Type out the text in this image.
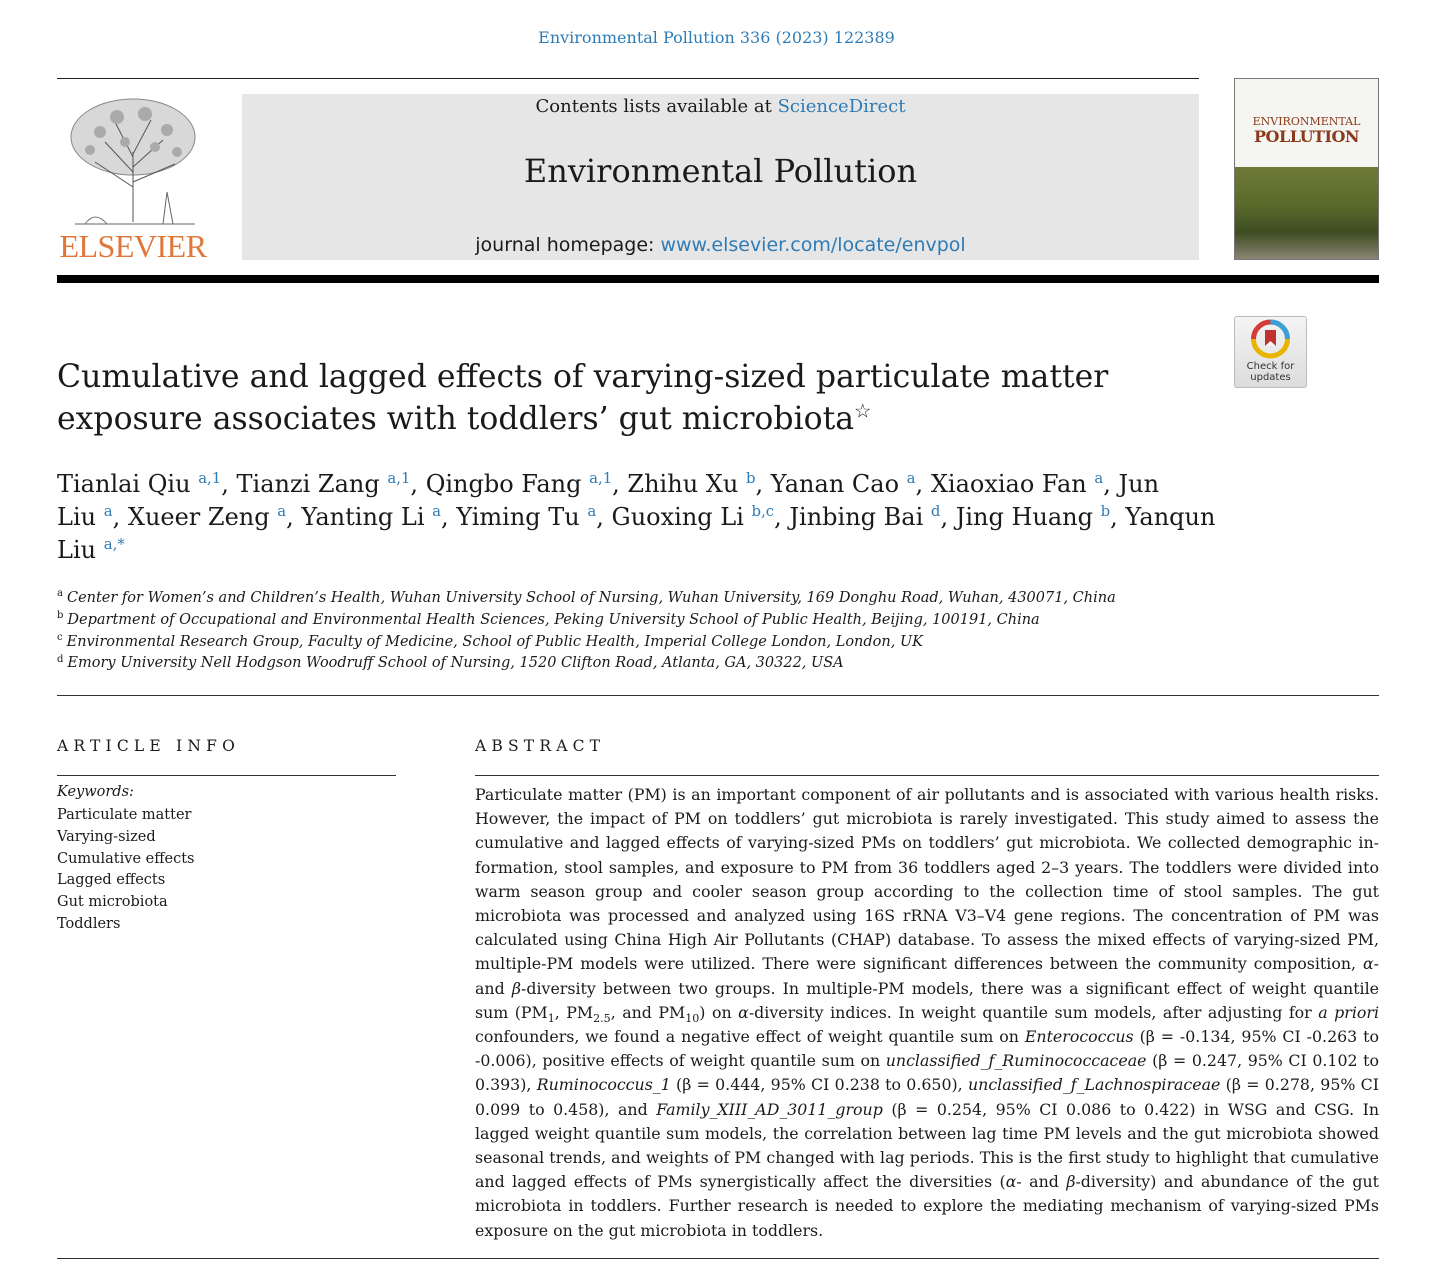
Environmental Pollution 336 (2023) 122389
ELSEVIER
Contents lists available at ScienceDirect
Environmental Pollution
journal homepage: www.elsevier.com/locate/envpol
ENVIRONMENTAL
POLLUTION
Check for
updates
Cumulative and lagged effects of varying-sized particulate matter exposure associates with toddlers’ gut microbiota☆
Tianlai Qiu $^{a,1}$, Tianzi Zang $^{a,1}$, Qingbo Fang $^{a,1}$, Zhihu Xu $^b$, Yanan Cao $^a$, Xiaoxiao Fan $^a$, Jun Liu $^a$, Xueer Zeng $^a$, Yanting Li $^a$, Yiming Tu $^a$, Guoxing Li $^{b,c}$, Jinbing Bai $^d$, Jing Huang $^b$, Yanqun Liu $^{a,*}$
$^a$ Center for Women’s and Children’s Health, Wuhan University School of Nursing, Wuhan University, 169 Donghu Road, Wuhan, 430071, China
$^b$ Department of Occupational and Environmental Health Sciences, Peking University School of Public Health, Beijing, 100191, China
$^c$ Environmental Research Group, Faculty of Medicine, School of Public Health, Imperial College London, London, UK
$^d$ Emory University Nell Hodgson Woodruff School of Nursing, 1520 Clifton Road, Atlanta, GA, 30322, USA
ARTICLE INFO
Keywords:
Particulate matter
Varying-sized
Cumulative effects
Lagged effects
Gut microbiota
Toddlers
ABSTRACT

Particulate matter (PM) is an important component of air pollutants and is associated with various health risks. However, the impact of PM on toddlers’ gut microbiota is rarely investigated. This study aimed to assess the cumulative and lagged effects of varying-sized PMs on toddlers’ gut microbiota. We collected demographic information, stool samples, and exposure to PM from 36 toddlers aged 2–3 years. The toddlers were divided into warm season group and cooler season group according to the collection time of stool samples. The gut microbiota was processed and analyzed using 16S rRNA V3–V4 gene regions. The concentration of PM was calculated using China High Air Pollutants (CHAP) database. To assess the mixed effects of varying-sized PM, multiple-PM models were utilized. There were significant differences between the community composition, α- and β-diversity between two groups. In multiple-PM models, there was a significant effect of weight quantile sum ($PM_1$, $PM_{2.5}$, and $PM_{10}$) on α-diversity indices. In weight quantile sum models, after adjusting for a priori confounders, we found a negative effect of weight quantile sum on Enterococcus (β = -0.134, 95% CI -0.263 to -0.006), positive effects of weight quantile sum on unclassified_f_Ruminococcaceae (β = 0.247, 95% CI 0.102 to 0.393), Ruminococcus_1 (β = 0.444, 95% CI 0.238 to 0.650), unclassified_f_Lachnospiraceae (β = 0.278, 95% CI 0.099 to 0.458), and Family_XIII_AD_3011_group (β = 0.254, 95% CI 0.086 to 0.422) in WSG and CSG. In lagged weight quantile sum models, the correlation between lag time PM levels and the gut microbiota showed seasonal trends, and weights of PM changed with lag periods. This is the first study to highlight that cumulative and lagged effects of PMs synergistically affect the diversities (α- and β-diversity) and abundance of the gut microbiota in toddlers. Further research is needed to explore the mediating mechanism of varying-sized PMs exposure on the gut microbiota in toddlers.
